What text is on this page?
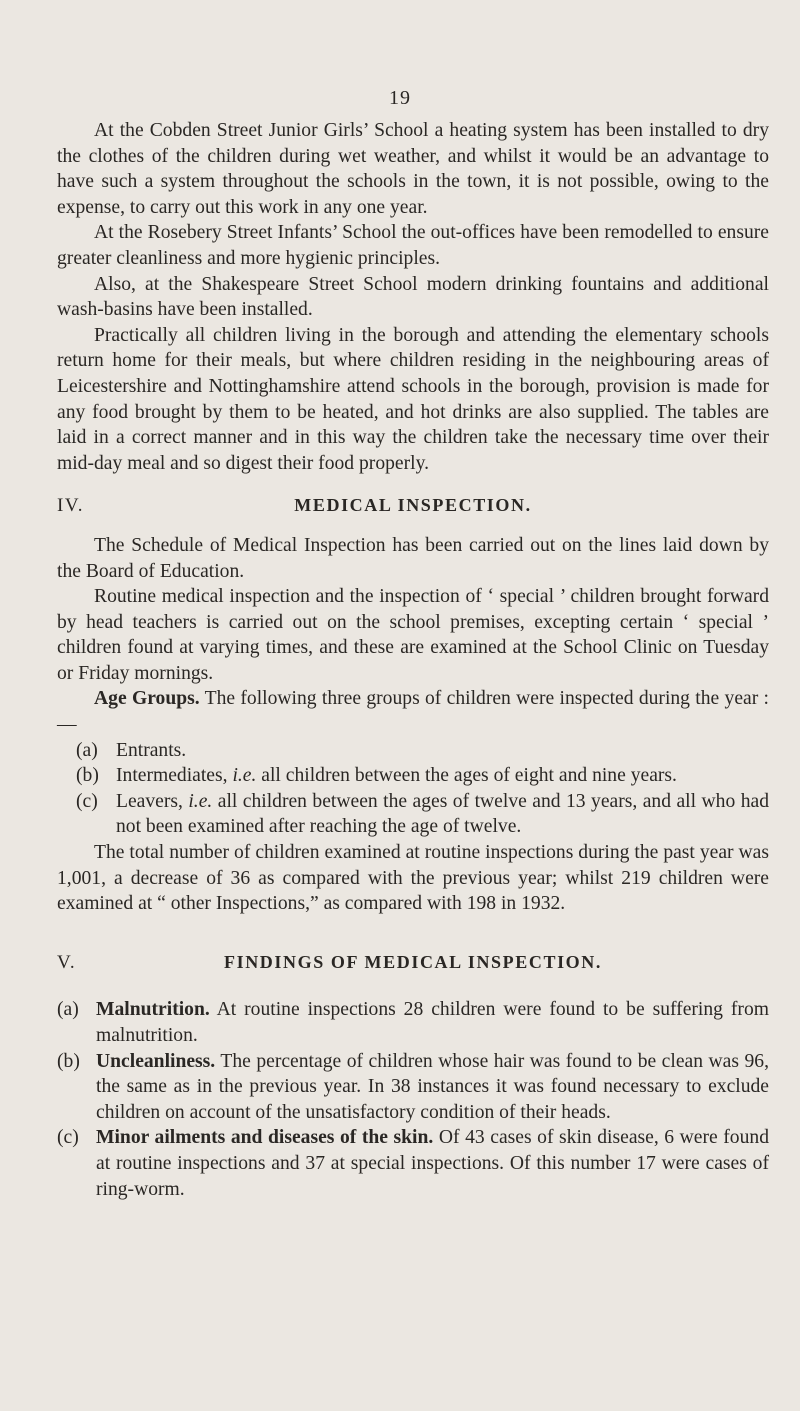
19

At the Cobden Street Junior Girls’ School a heating system has been installed to dry the clothes of the children during wet weather, and whilst it would be an advantage to have such a system throughout the schools in the town, it is not possible, owing to the expense, to carry out this work in any one year.

At the Rosebery Street Infants’ School the out-offices have been remodelled to ensure greater cleanliness and more hygienic principles.

Also, at the Shakespeare Street School modern drinking fountains and additional wash-basins have been installed.

Practically all children living in the borough and attending the elementary schools return home for their meals, but where children residing in the neighbouring areas of Leicestershire and Nottinghamshire attend schools in the borough, provision is made for any food brought by them to be heated, and hot drinks are also supplied. The tables are laid in a correct manner and in this way the children take the necessary time over their mid-day meal and so digest their food properly.

IV.	MEDICAL INSPECTION.

The Schedule of Medical Inspection has been carried out on the lines laid down by the Board of Education.

Routine medical inspection and the inspection of ‘ special ’ children brought forward by head teachers is carried out on the school premises, excepting certain ‘ special ’ children found at varying times, and these are examined at the School Clinic on Tuesday or Friday mornings.

Age Groups. The following three groups of children were inspected during the year :—

(a) Entrants.
(b) Intermediates, i.e. all children between the ages of eight and nine years.
(c) Leavers, i.e. all children between the ages of twelve and 13 years, and all who had not been examined after reaching the age of twelve.

The total number of children examined at routine inspections during the past year was 1,001, a decrease of 36 as compared with the previous year; whilst 219 children were examined at “ other Inspections,” as compared with 198 in 1932.

V.	FINDINGS OF MEDICAL INSPECTION.
(a) Malnutrition. At routine inspections 28 children were found to be suffering from malnutrition.
(b) Uncleanliness. The percentage of children whose hair was found to be clean was 96, the same as in the previous year. In 38 instances it was found necessary to exclude children on account of the unsatisfactory condition of their heads.
(c) Minor ailments and diseases of the skin. Of 43 cases of skin disease, 6 were found at routine inspections and 37 at special inspections. Of this number 17 were cases of ring-worm.
